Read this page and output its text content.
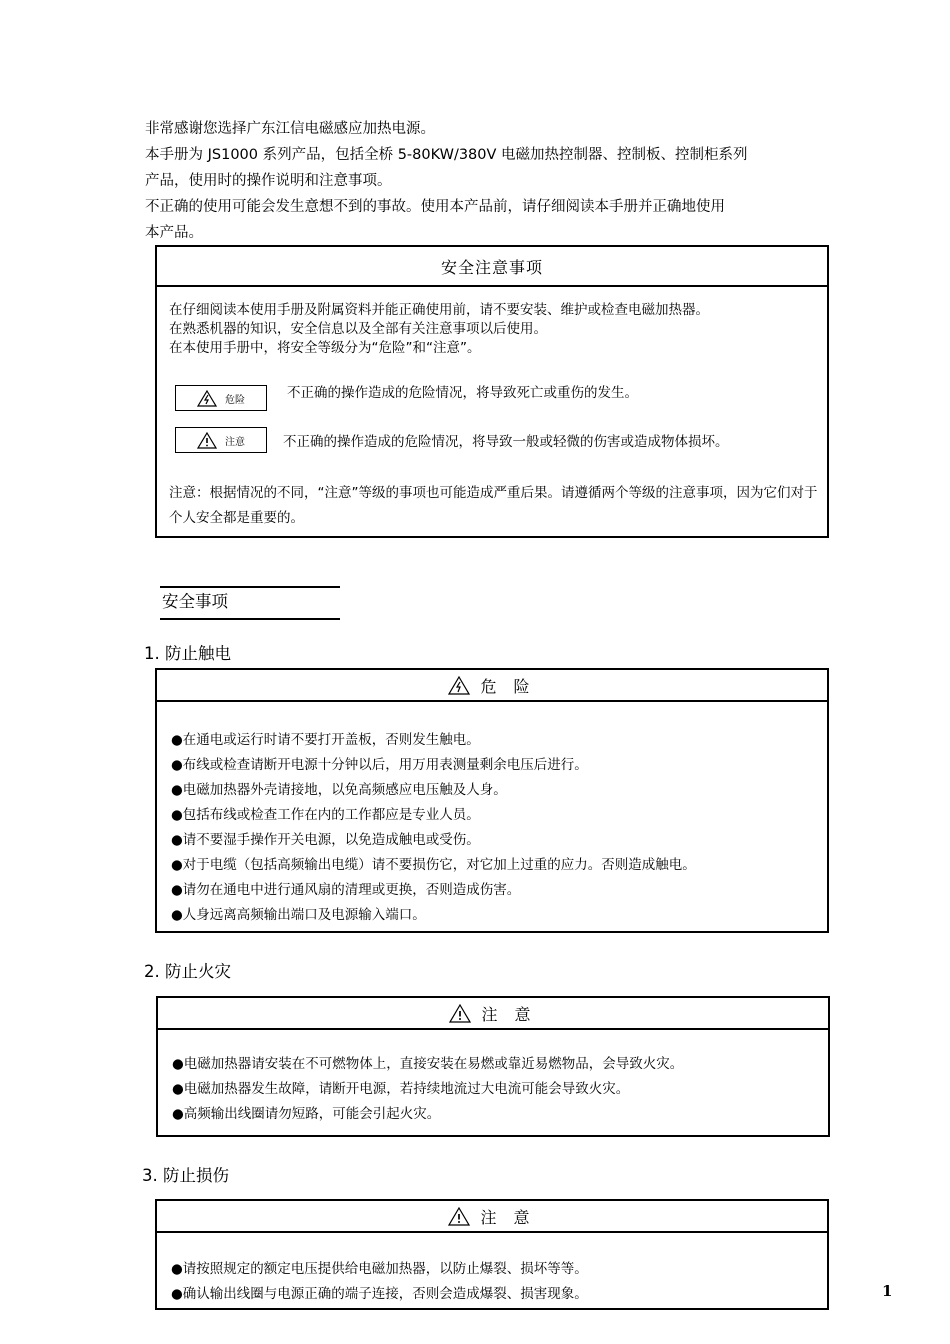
非常感谢您选择广东江信电磁感应加热电源。

本手册为 JS1000 系列产品，包括全桥 5-80KW/380V 电磁加热控制器、控制板、控制柜系列

产品，使用时的操作说明和注意事项。

不正确的使用可能会发生意想不到的事故。使用本产品前，请仔细阅读本手册并正确地使用

本产品。

安全注意事项

在仔细阅读本使用手册及附属资料并能正确使用前，请不要安装、维护或检查电磁加热器。

在熟悉机器的知识，安全信息以及全部有关注意事项以后使用。

在本使用手册中，将安全等级分为“危险”和“注意”。

危险	不正确的操作造成的危险情况，将导致死亡或重伤的发生。
注意	不正确的操作造成的危险情况，将导致一般或轻微的伤害或造成物体损坏。
注意：根据情况的不同，“注意”等级的事项也可能造成严重后果。请遵循两个等级的注意事项，因为它们对于个人安全都是重要的。
安全事项
1. 防止触电
危 险
●在通电或运行时请不要打开盖板，否则发生触电。
●布线或检查请断开电源十分钟以后，用万用表测量剩余电压后进行。
●电磁加热器外壳请接地，以免高频感应电压触及人身。
●包括布线或检查工作在内的工作都应是专业人员。
●请不要湿手操作开关电源，以免造成触电或受伤。
●对于电缆（包括高频输出电缆）请不要损伤它，对它加上过重的应力。否则造成触电。
●请勿在通电中进行通风扇的清理或更换，否则造成伤害。
●人身远离高频输出端口及电源输入端口。
2. 防止火灾
注 意
●电磁加热器请安装在不可燃物体上，直接安装在易燃或靠近易燃物品，会导致火灾。
●电磁加热器发生故障，请断开电源，若持续地流过大电流可能会导致火灾。
●高频输出线圈请勿短路，可能会引起火灾。
3. 防止损伤
注 意
●请按照规定的额定电压提供给电磁加热器，以防止爆裂、损坏等等。
●确认输出线圈与电源正确的端子连接，否则会造成爆裂、损害现象。	1
